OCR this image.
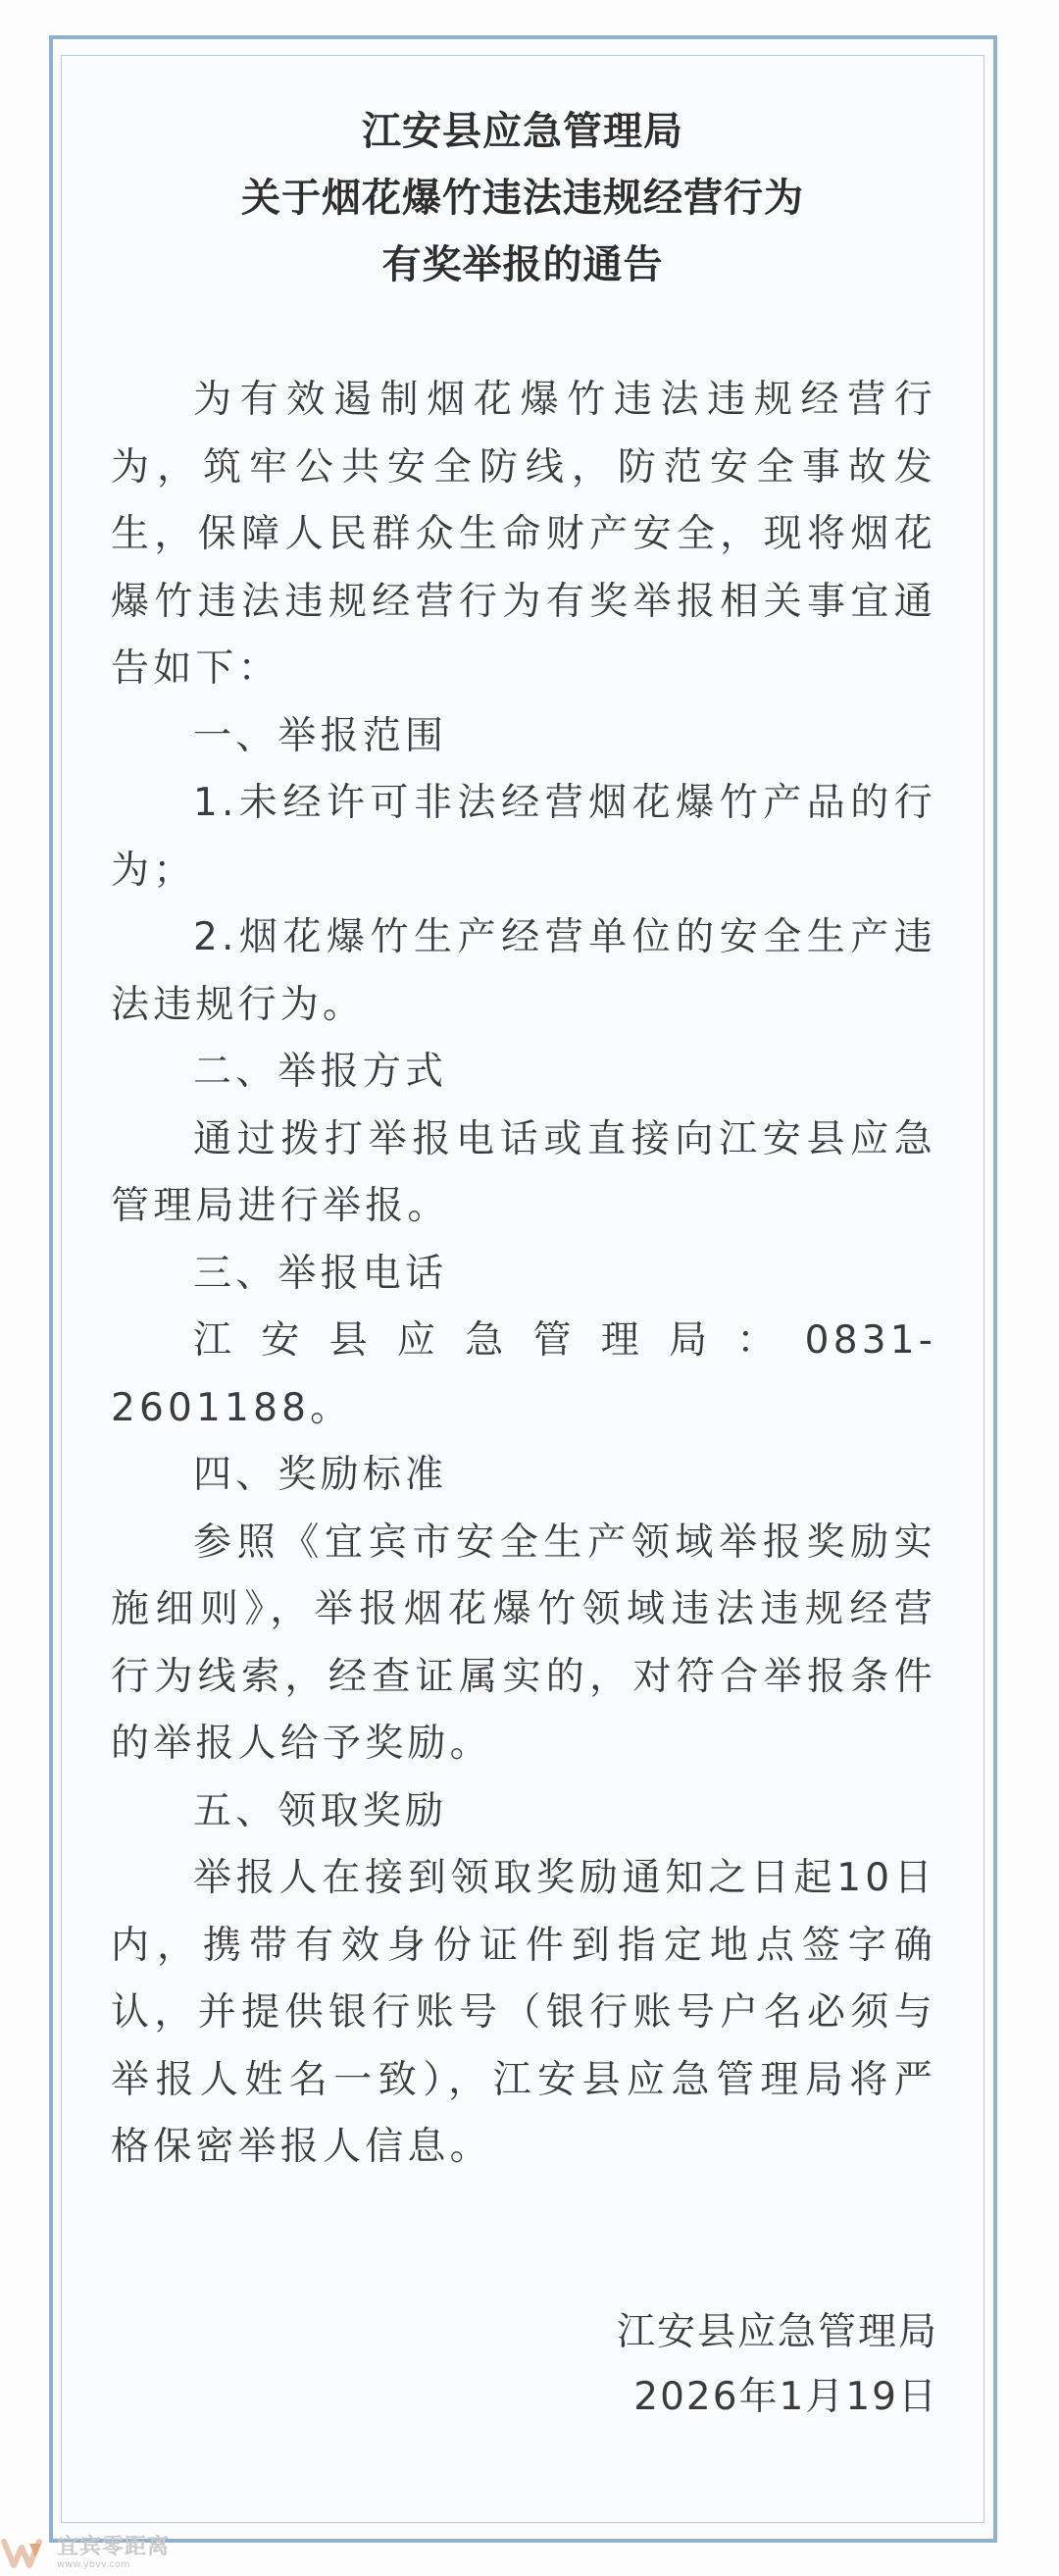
江安县应急管理局
关于烟花爆竹违法违规经营行为
有奖举报的通告

为有效遏制烟花爆竹违法违规经营行为，筑牢公共安全防线，防范安全事故发生，保障人民群众生命财产安全，现将烟花爆竹违法违规经营行为有奖举报相关事宜通告如下：

一、举报范围

1.未经许可非法经营烟花爆竹产品的行为；

2.烟花爆竹生产经营单位的安全生产违法违规行为。

二、举报方式

通过拨打举报电话或直接向江安县应急管理局进行举报。

三、举报电话

江安县应急管理局：0831-2601188。

四、奖励标准

参照《宜宾市安全生产领域举报奖励实施细则》，举报烟花爆竹领域违法违规经营行为线索，经查证属实的，对符合举报条件的举报人给予奖励。

五、领取奖励

举报人在接到领取奖励通知之日起10日内，携带有效身份证件到指定地点签字确认，并提供银行账号（银行账号户名必须与举报人姓名一致），江安县应急管理局将严格保密举报人信息。

江安县应急管理局
2026年1月19日
宜宾零距离
www.ybvv.com
